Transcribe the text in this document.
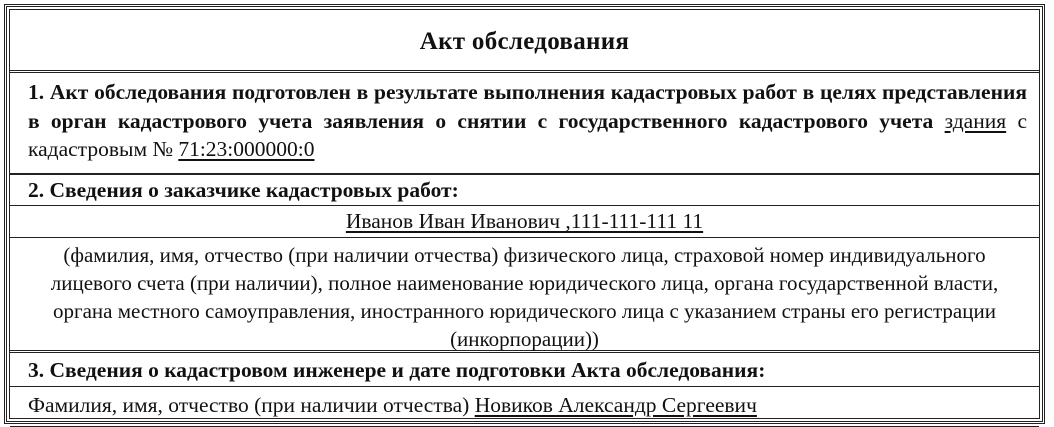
Акт обследования
1. Акт обследования подготовлен в результате выполнения кадастровых работ в целях представления в орган кадастрового учета заявления о снятии с государственного кадастрового учета здания с кадастровым № 71:23:000000:0
2. Сведения о заказчике кадастровых работ:
Иванов Иван Иванович ,111-111-111 11
(фамилия, имя, отчество (при наличии отчества) физического лица, страховой номер индивидуального лицевого счета (при наличии), полное наименование юридического лица, органа государственной власти, органа местного самоуправления, иностранного юридического лица с указанием страны его регистрации (инкорпорации))
3. Сведения о кадастровом инженере и дате подготовки Акта обследования:
Фамилия, имя, отчество (при наличии отчества) Новиков Александр Сергеевич
